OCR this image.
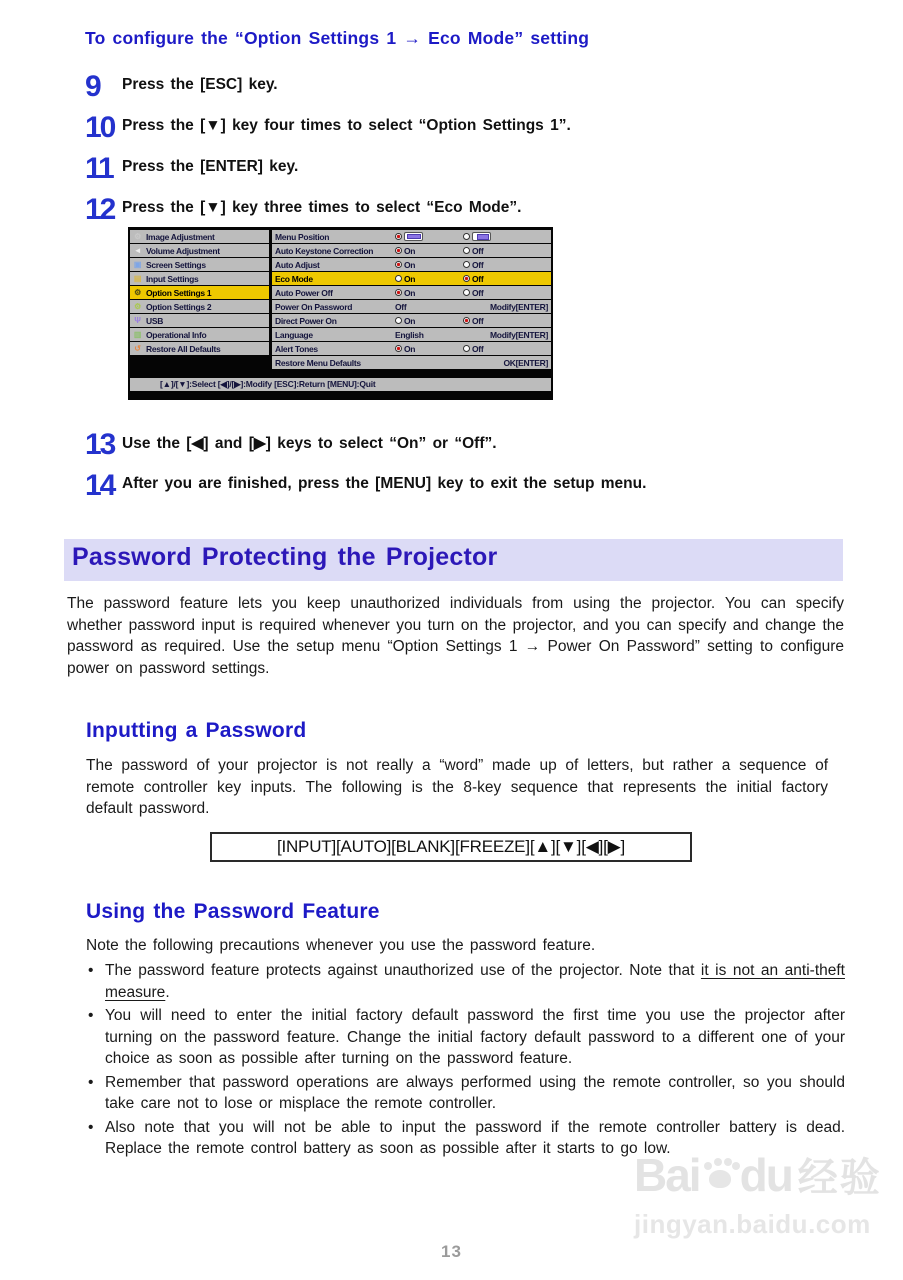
Bai du 经验
jingyan.baidu.com
To configure the “Option Settings 1 → Eco Mode” setting
9	Press the [ESC] key.
10 Press the [▼] key four times to select “Option Settings 1”.
11 Press the [ENTER] key.
12 Press the [▼] key three times to select “Eco Mode”.
⚙ Image Adjustment
◄ Volume Adjustment
▣ Screen Settings
▤ Input Settings
⚙ Option Settings 1
⚙ Option Settings 2
Ψ USB
▥ Operational Info
↺ Restore All Defaults
Menu Position
Auto Keystone Correction	On	Off
Auto Adjust	On	Off
Eco Mode	On	Off
Auto Power Off	On	Off
Power On Password	Off	Modify[ENTER]
Direct Power On	On	Off
Language	English	Modify[ENTER]
Alert Tones	On	Off
Restore Menu Defaults	OK[ENTER]
[▲]/[▼]:Select [◀]/[▶]:Modify [ESC]:Return [MENU]:Quit
13 Use the [◀] and [▶] keys to select “On” or “Off”.
14 After you are finished, press the [MENU] key to exit the setup menu.
Password Protecting the Projector
The password feature lets you keep unauthorized individuals from using the projector. You can specify whether password input is required whenever you turn on the projector, and you can specify and change the password as required. Use the setup menu “Option Settings 1 → Power On Password” setting to configure power on password settings.
Inputting a Password
The password of your projector is not really a “word” made up of letters, but rather a sequence of remote controller key inputs. The following is the 8-key sequence that represents the initial factory default password.
[INPUT][AUTO][BLANK][FREEZE][▲][▼][◀][▶]
Using the Password Feature
Note the following precautions whenever you use the password feature.
• The password feature protects against unauthorized use of the projector. Note that it is not an anti-theft measure.
• You will need to enter the initial factory default password the first time you use the projector after turning on the password feature. Change the initial factory default password to a different one of your choice as soon as possible after turning on the password feature.
• Remember that password operations are always performed using the remote controller, so you should take care not to lose or misplace the remote controller.
• Also note that you will not be able to input the password if the remote controller battery is dead. Replace the remote control battery as soon as possible after it starts to go low.
13
